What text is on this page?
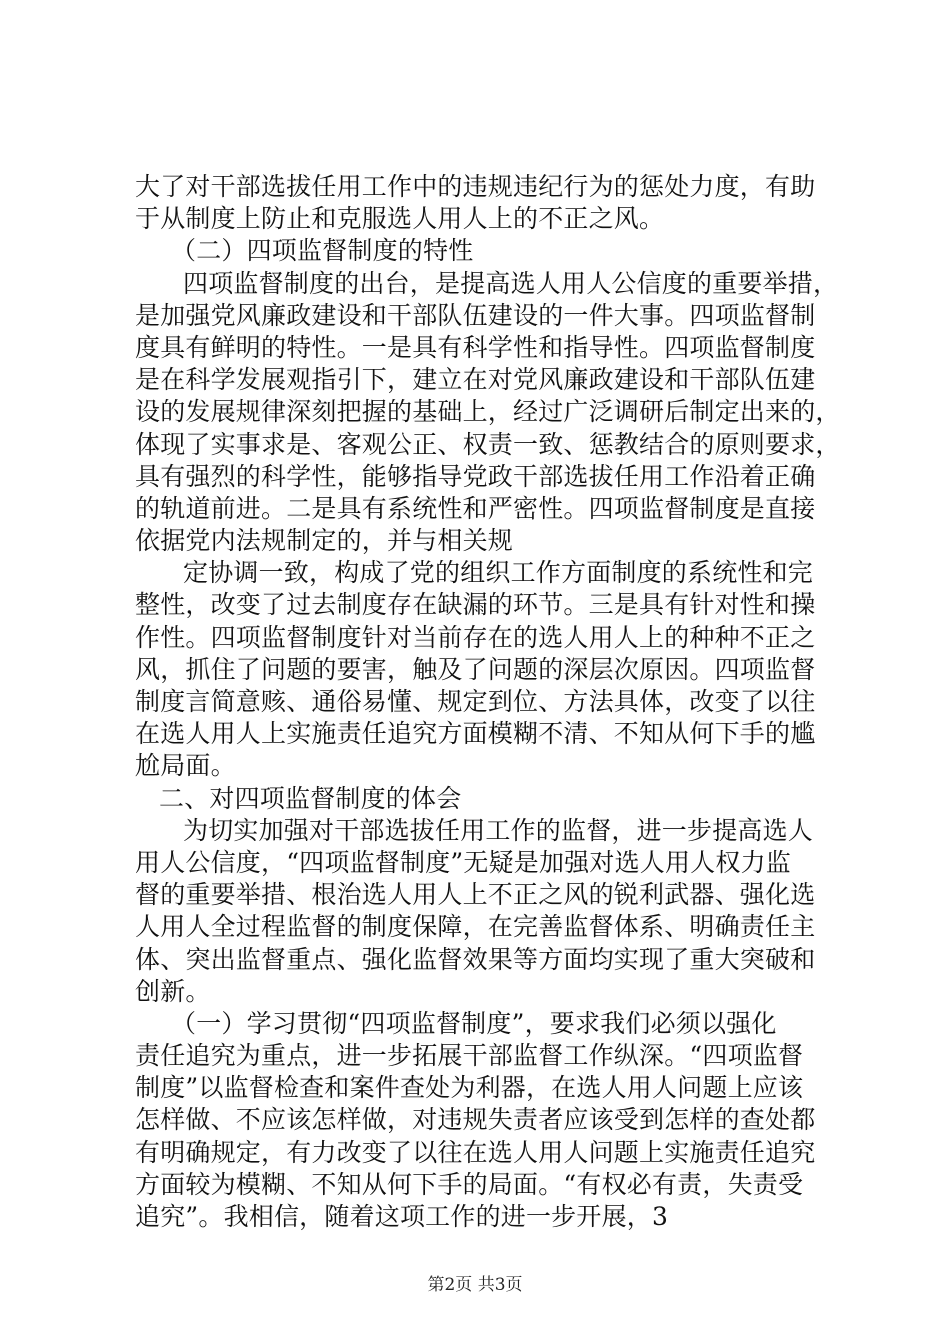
大了对干部选拔任用工作中的违规违纪行为的惩处力度，有助
于从制度上防止和克服选人用人上的不正之风。
（二）四项监督制度的特性
四项监督制度的出台，是提高选人用人公信度的重要举措，
是加强党风廉政建设和干部队伍建设的一件大事。四项监督制
度具有鲜明的特性。一是具有科学性和指导性。四项监督制度
是在科学发展观指引下，建立在对党风廉政建设和干部队伍建
设的发展规律深刻把握的基础上，经过广泛调研后制定出来的，
体现了实事求是、客观公正、权责一致、惩教结合的原则要求，
具有强烈的科学性，能够指导党政干部选拔任用工作沿着正确
的轨道前进。二是具有系统性和严密性。四项监督制度是直接
依据党内法规制定的，并与相关规
定协调一致，构成了党的组织工作方面制度的系统性和完
整性，改变了过去制度存在缺漏的环节。三是具有针对性和操
作性。四项监督制度针对当前存在的选人用人上的种种不正之
风，抓住了问题的要害，触及了问题的深层次原因。四项监督
制度言简意赅、通俗易懂、规定到位、方法具体，改变了以往
在选人用人上实施责任追究方面模糊不清、不知从何下手的尴
尬局面。
二、对四项监督制度的体会
为切实加强对干部选拔任用工作的监督，进一步提高选人
用人公信度，“四项监督制度”无疑是加强对选人用人权力监
督的重要举措、根治选人用人上不正之风的锐利武器、强化选
人用人全过程监督的制度保障，在完善监督体系、明确责任主
体、突出监督重点、强化监督效果等方面均实现了重大突破和
创新。
（一）学习贯彻“四项监督制度”，要求我们必须以强化
责任追究为重点，进一步拓展干部监督工作纵深。“四项监督
制度”以监督检查和案件查处为利器，在选人用人问题上应该
怎样做、不应该怎样做，对违规失责者应该受到怎样的查处都
有明确规定，有力改变了以往在选人用人问题上实施责任追究
方面较为模糊、不知从何下手的局面。“有权必有责，失责受
追究”。我相信，随着这项工作的进一步开展，3
第2页 共3页
